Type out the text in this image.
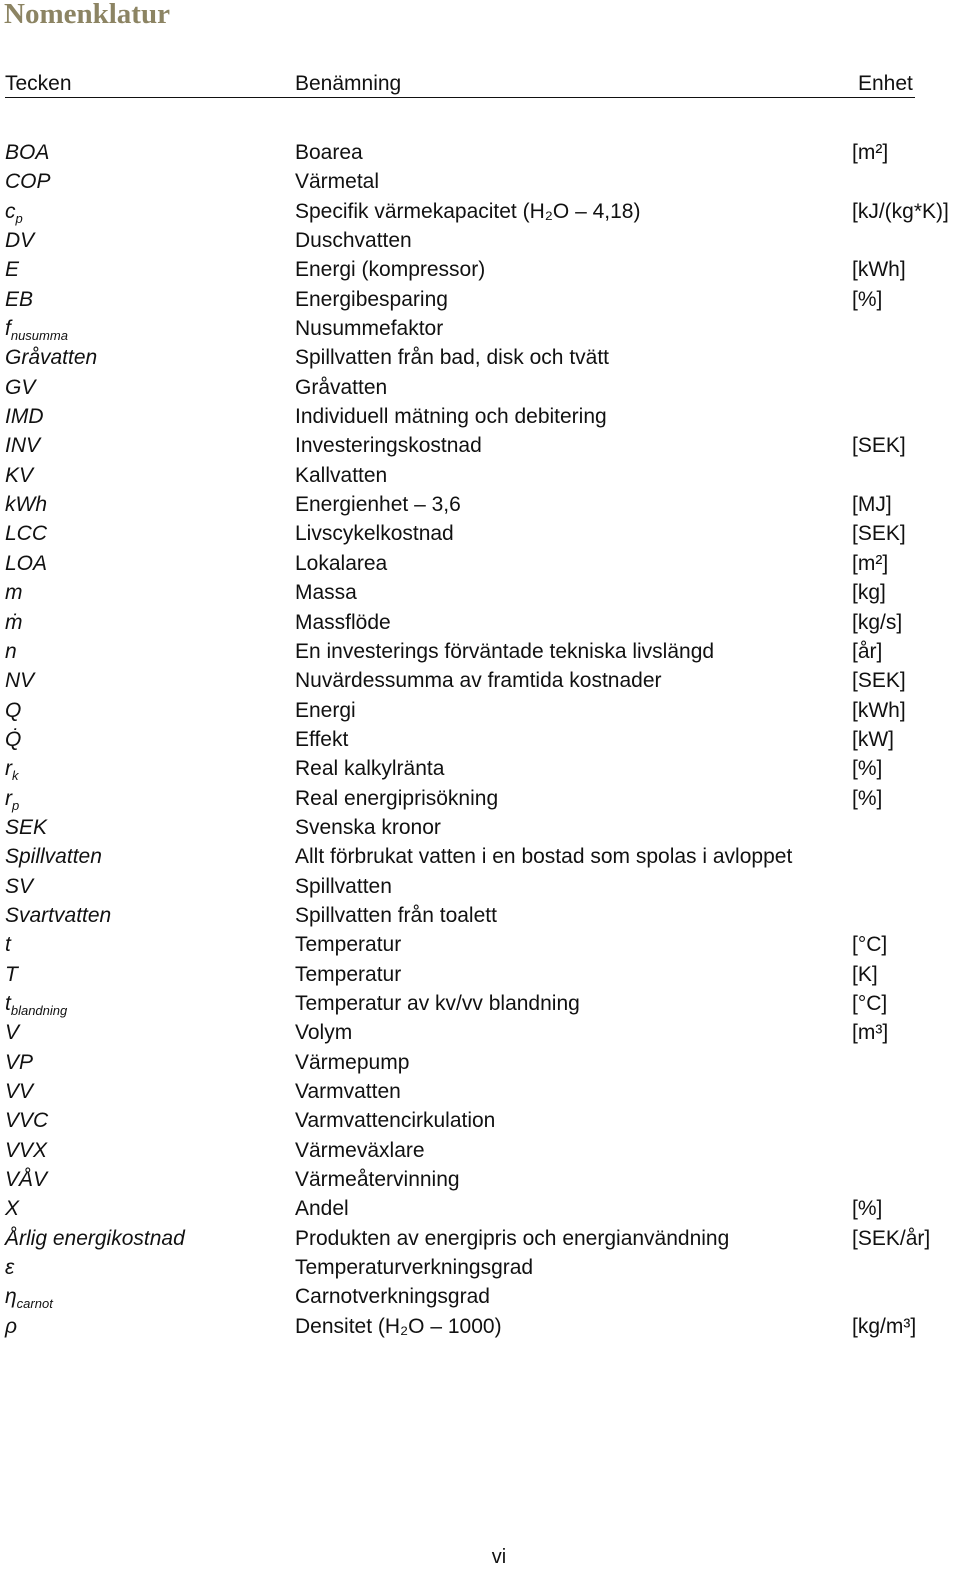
Nomenklatur
Tecken	Benämning	Enhet
BOA	Boarea	[m²]
COP	Värmetal
$c_p$	Specifik värmekapacitet (H₂O – 4,18)	[kJ/(kg*K)]
DV	Duschvatten
E	Energi (kompressor)	[kWh]
EB	Energibesparing	[%]
$f_{nusumma}$	Nusummefaktor
Gråvatten	Spillvatten från bad, disk och tvätt
GV	Gråvatten
IMD	Individuell mätning och debitering
INV	Investeringskostnad	[SEK]
KV	Kallvatten
kWh	Energienhet – 3,6	[MJ]
LCC	Livscykelkostnad	[SEK]
LOA	Lokalarea	[m²]
m	Massa	[kg]
ṁ	Massflöde	[kg/s]
n	En investerings förväntade tekniska livslängd	[år]
NV	Nuvärdessumma av framtida kostnader	[SEK]
Q	Energi	[kWh]
Q̇	Effekt	[kW]
$r_k$	Real kalkylränta	[%]
$r_p$	Real energiprisökning	[%]
SEK	Svenska kronor
Spillvatten	Allt förbrukat vatten i en bostad som spolas i avloppet
SV	Spillvatten
Svartvatten	Spillvatten från toalett
t	Temperatur	[°C]
T	Temperatur	[K]
$t_{blandning}$	Temperatur av kv/vv blandning	[°C]
V	Volym	[m³]
VP	Värmepump
VV	Varmvatten
VVC	Varmvattencirkulation
VVX	Värmeväxlare
VÅV	Värmeåtervinning
X	Andel	[%]
Årlig energikostnad	Produkten av energipris och energianvändning	[SEK/år]
ε	Temperaturverkningsgrad
$\eta_{carnot}$	Carnotverkningsgrad
ρ	Densitet (H₂O – 1000)	[kg/m³]
vi
